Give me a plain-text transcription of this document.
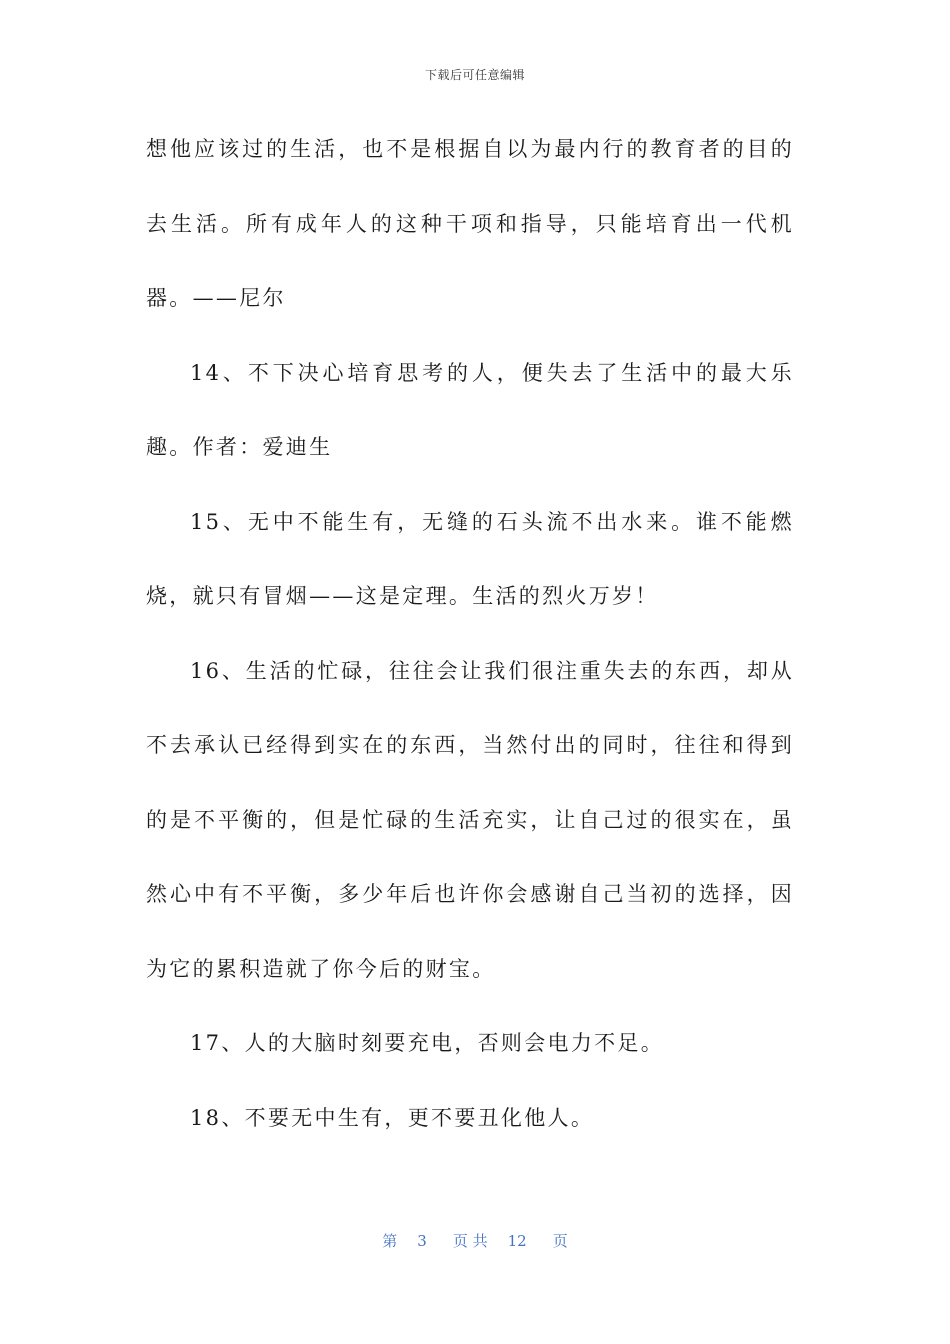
下载后可任意编辑

想他应该过的生活，也不是根据自以为最内行的教育者的目的去生活。所有成年人的这种干项和指导，只能培育出一代机器。——尼尔

14、不下决心培育思考的人，便失去了生活中的最大乐趣。作者：爱迪生

15、无中不能生有，无缝的石头流不出水来。谁不能燃烧，就只有冒烟——这是定理。生活的烈火万岁！

16、生活的忙碌，往往会让我们很注重失去的东西，却从不去承认已经得到实在的东西，当然付出的同时，往往和得到的是不平衡的，但是忙碌的生活充实，让自己过的很实在，虽然心中有不平衡，多少年后也许你会感谢自己当初的选择，因为它的累积造就了你今后的财宝。

17、人的大脑时刻要充电，否则会电力不足。

18、不要无中生有，更不要丑化他人。

第 3 页 共 12 页
